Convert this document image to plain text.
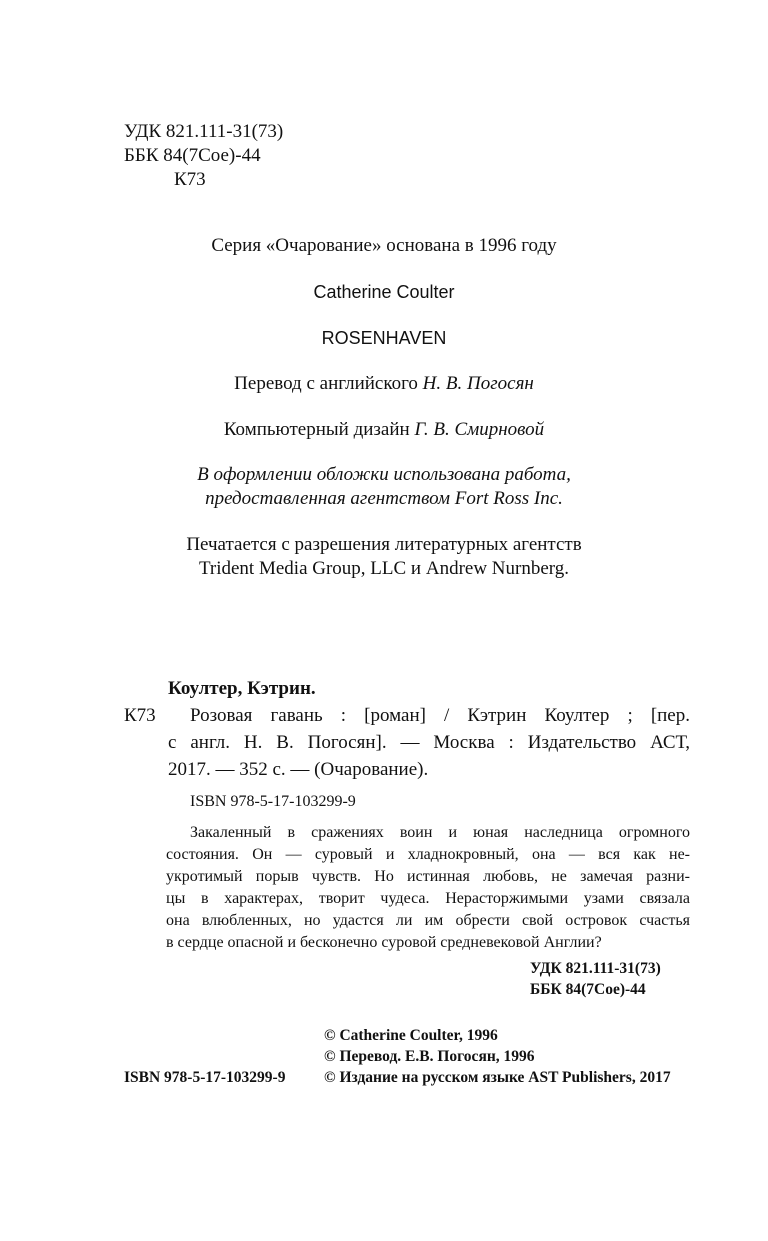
УДК 821.111-31(73)
ББК 84(7Сое)-44
К73
Серия «Очарование» основана в 1996 году
Catherine Coulter
ROSENHAVEN
Перевод с английского Н. В. Погосян
Компьютерный дизайн Г. В. Смирновой
В оформлении обложки использована работа,
предоставленная агентством Fort Ross Inc.
Печатается с разрешения литературных агентств
Trident Media Group, LLC и Andrew Nurnberg.
Коултер, Кэтрин.
К73 Розовая гавань : [роман] / Кэтрин Коултер ; [пер.
с англ. Н. В. Погосян]. — Москва : Издательство АСТ,
2017. — 352 с. — (Очарование).
ISBN 978-5-17-103299-9
Закаленный в сражениях воин и юная наследница огромного
состояния. Он — суровый и хладнокровный, она — вся как не-
укротимый порыв чувств. Но истинная любовь, не замечая разни-
цы в характерах, творит чудеса. Нерасторжимыми узами связала
она влюбленных, но удастся ли им обрести свой островок счастья
в сердце опасной и бесконечно суровой средневековой Англии?
УДК 821.111-31(73)
ББК 84(7Сое)-44
© Catherine Coulter, 1996
© Перевод. Е.В. Погосян, 1996
ISBN 978-5-17-103299-9 © Издание на русском языке AST Publishers, 2017
